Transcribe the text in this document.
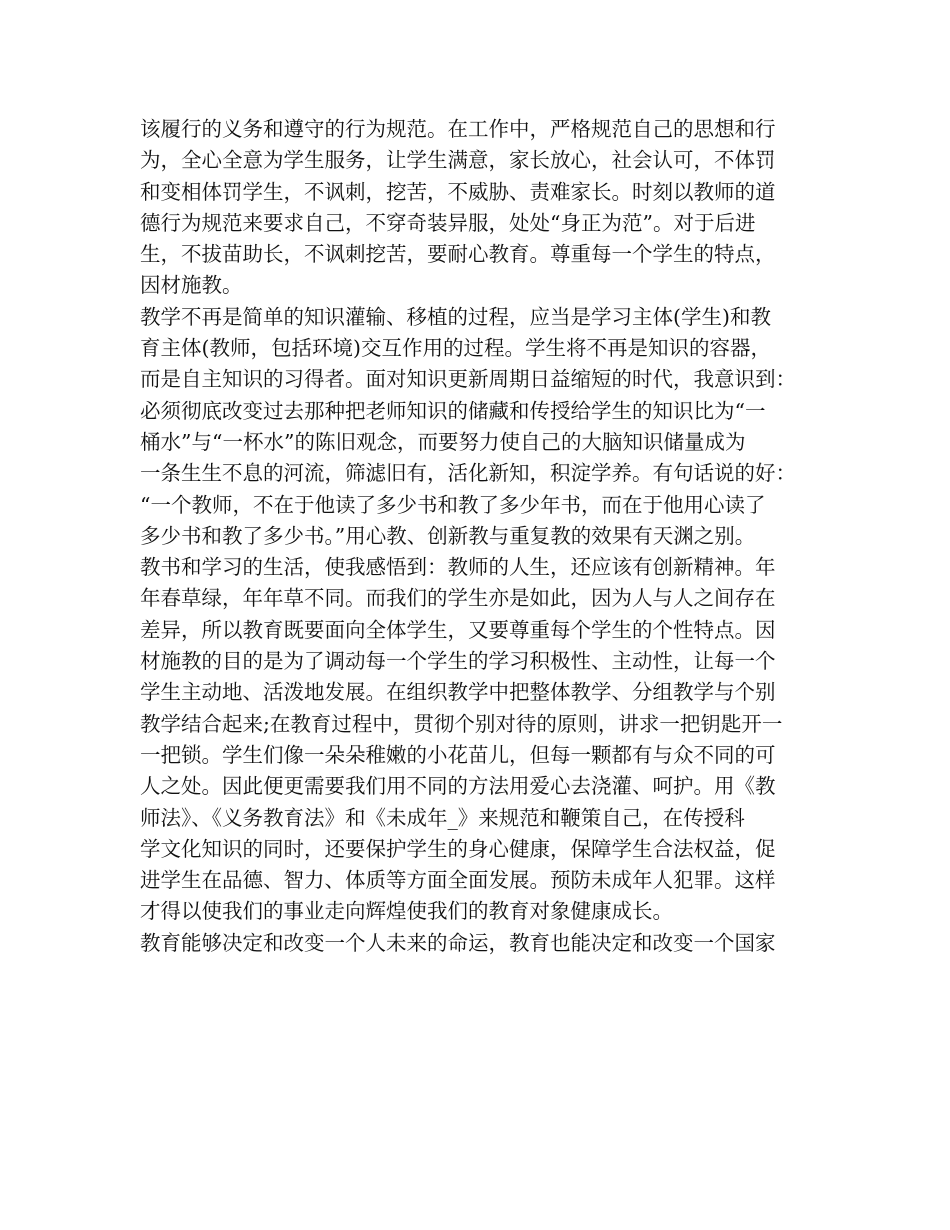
该履行的义务和遵守的行为规范。在工作中，严格规范自己的思想和行
为，全心全意为学生服务，让学生满意，家长放心，社会认可，不体罚
和变相体罚学生，不讽刺，挖苦，不威胁、责难家长。时刻以教师的道
德行为规范来要求自己，不穿奇装异服，处处“身正为范”。对于后进
生，不拔苗助长，不讽刺挖苦，要耐心教育。尊重每一个学生的特点，
因材施教。
教学不再是简单的知识灌输、移植的过程，应当是学习主体(学生)和教
育主体(教师，包括环境)交互作用的过程。学生将不再是知识的容器，
而是自主知识的习得者。面对知识更新周期日益缩短的时代，我意识到：
必须彻底改变过去那种把老师知识的储藏和传授给学生的知识比为“一
桶水”与“一杯水”的陈旧观念，而要努力使自己的大脑知识储量成为
一条生生不息的河流，筛滤旧有，活化新知，积淀学养。有句话说的好：
“一个教师，不在于他读了多少书和教了多少年书，而在于他用心读了
多少书和教了多少书。”用心教、创新教与重复教的效果有天渊之别。
教书和学习的生活，使我感悟到：教师的人生，还应该有创新精神。年
年春草绿，年年草不同。而我们的学生亦是如此，因为人与人之间存在
差异，所以教育既要面向全体学生，又要尊重每个学生的个性特点。因
材施教的目的是为了调动每一个学生的学习积极性、主动性，让每一个
学生主动地、活泼地发展。在组织教学中把整体教学、分组教学与个别
教学结合起来;在教育过程中，贯彻个别对待的原则，讲求一把钥匙开一
一把锁。学生们像一朵朵稚嫩的小花苗儿，但每一颗都有与众不同的可
人之处。因此便更需要我们用不同的方法用爱心去浇灌、呵护。用《教
师法》、《义务教育法》和《未成年_》来规范和鞭策自己，在传授科
学文化知识的同时，还要保护学生的身心健康，保障学生合法权益，促
进学生在品德、智力、体质等方面全面发展。预防未成年人犯罪。这样
才得以使我们的事业走向辉煌使我们的教育对象健康成长。
教育能够决定和改变一个人未来的命运，教育也能决定和改变一个国家
